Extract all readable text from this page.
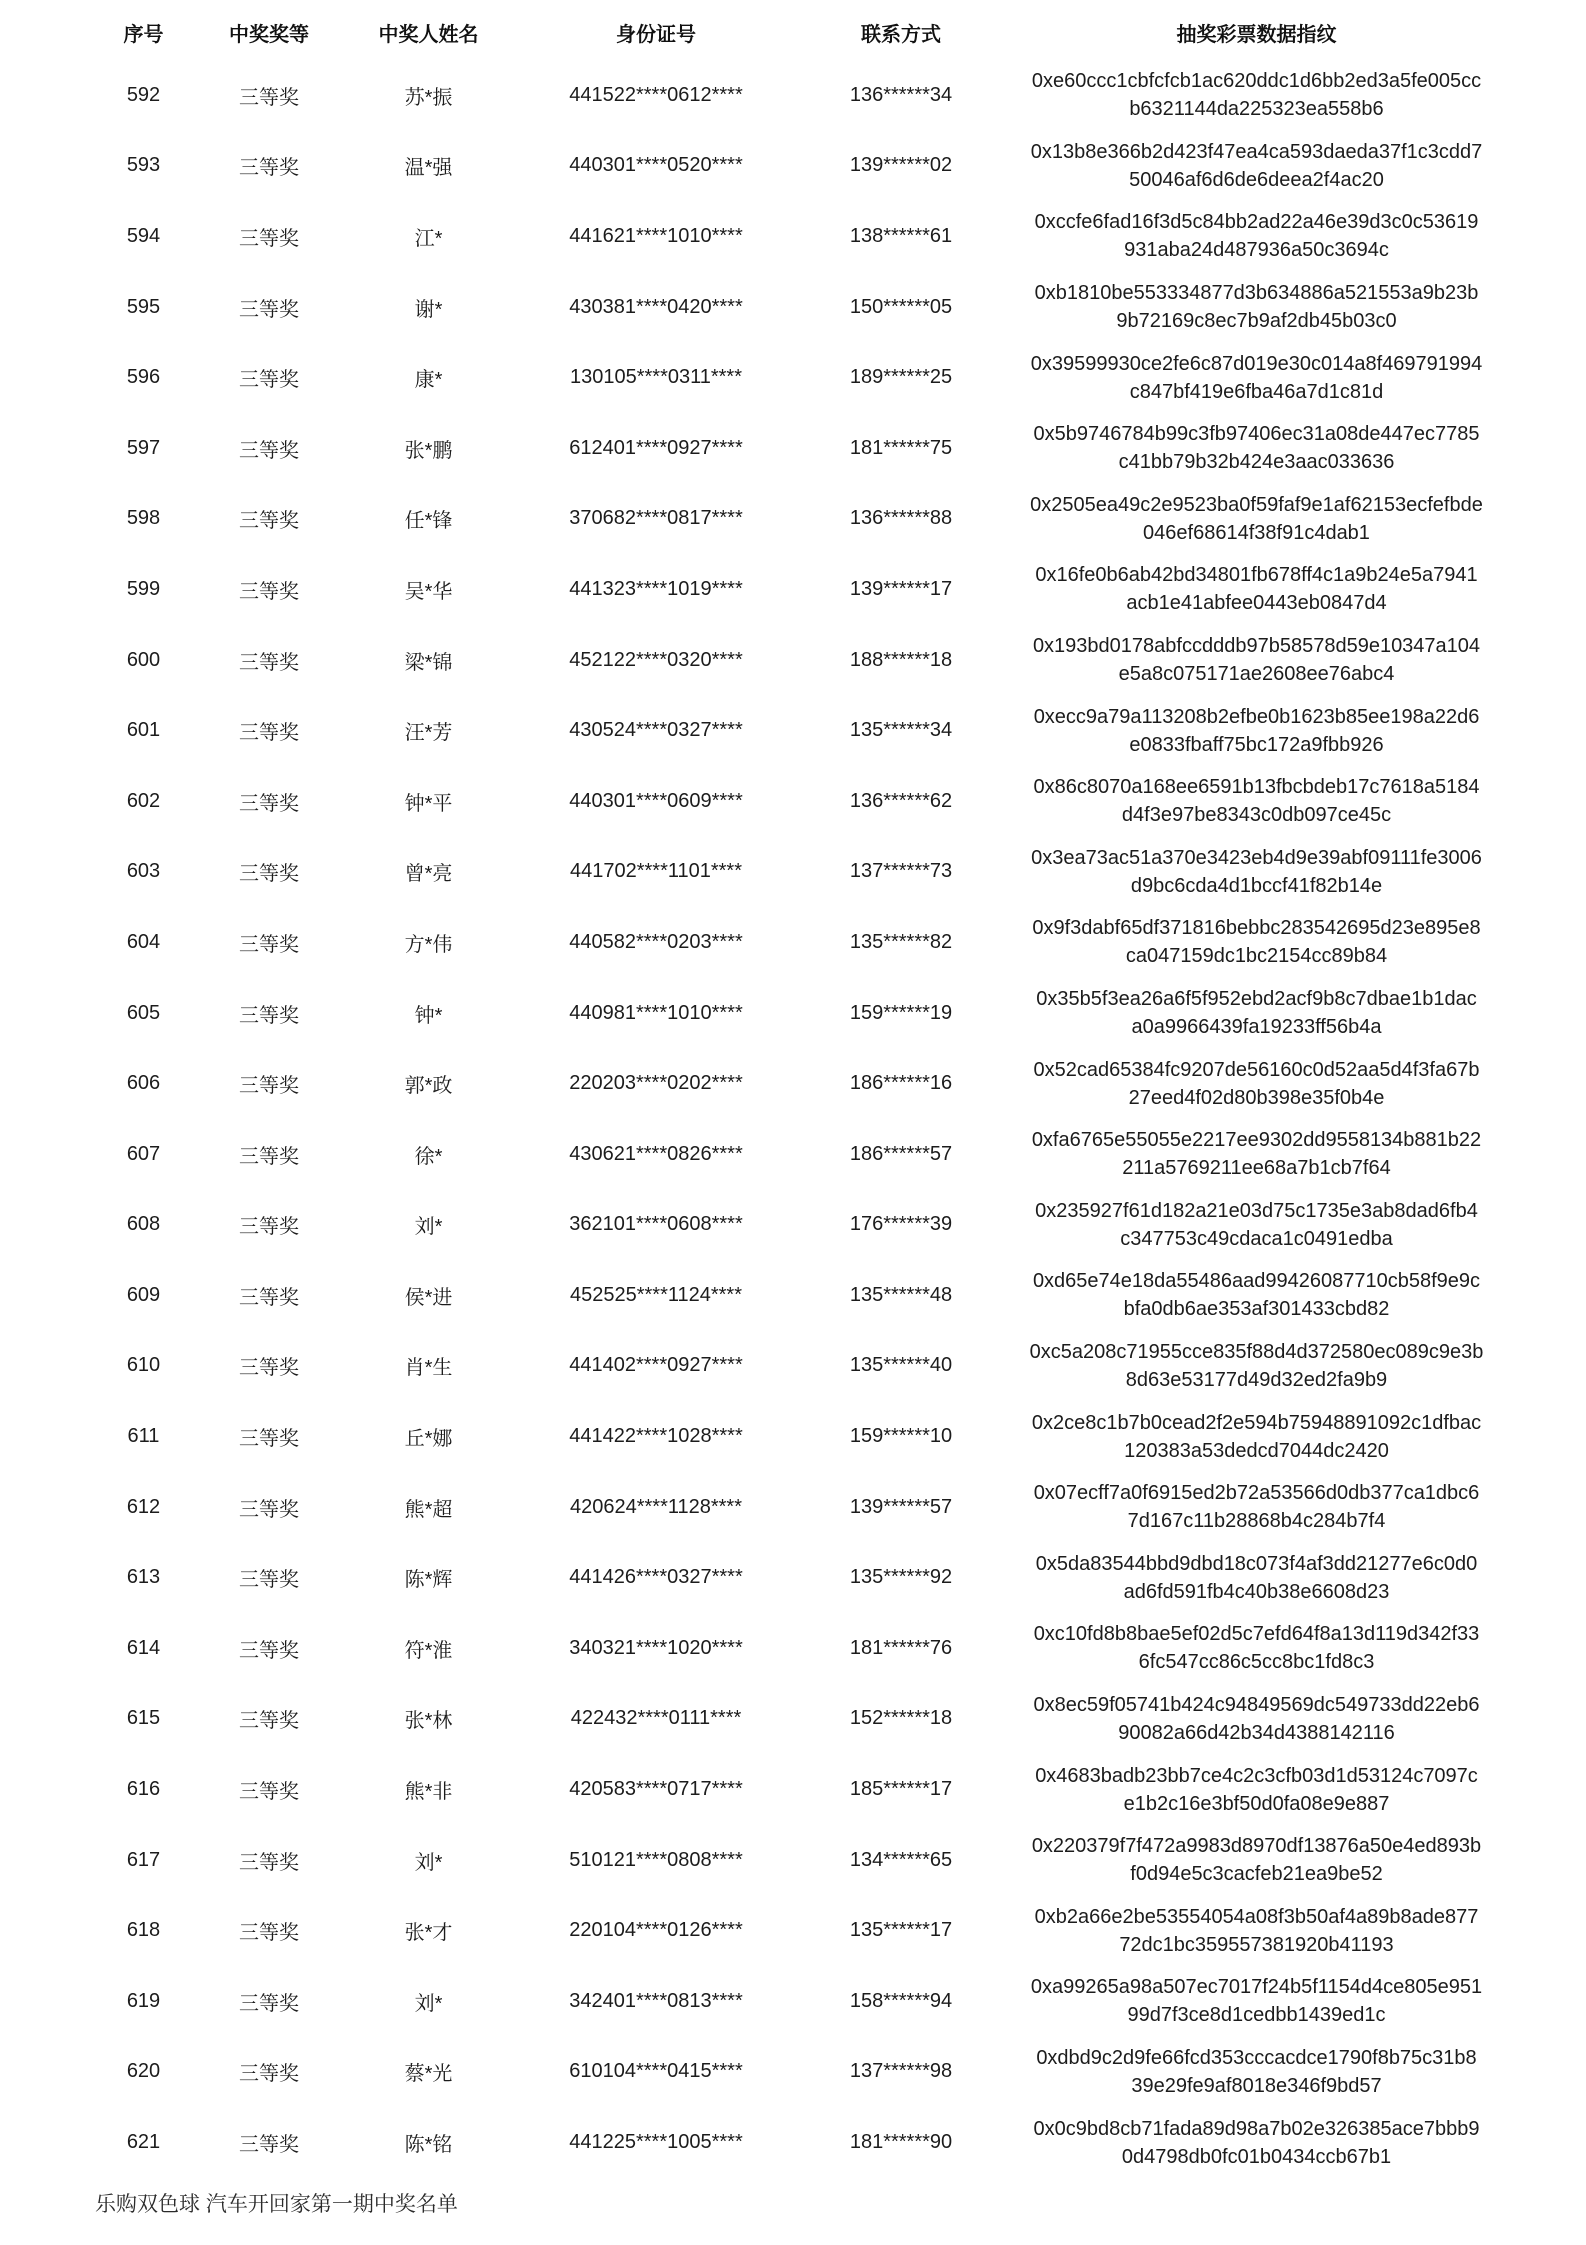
序号	中奖奖等	中奖人姓名	身份证号	联系方式	抽奖彩票数据指纹
592	三等奖	苏*振	441522****0612****	136******34	0xe60ccc1cbfcfcb1ac620ddc1d6bb2ed3a5fe005cc
b6321144da225323ea558b6

593	三等奖	温*强	440301****0520****	139******02	0x13b8e366b2d423f47ea4ca593daeda37f1c3cdd7
50046af6d6de6deea2f4ac20

594	三等奖	江*	441621****1010****	138******61	0xccfe6fad16f3d5c84bb2ad22a46e39d3c0c53619
931aba24d487936a50c3694c

595	三等奖	谢*	430381****0420****	150******05	0xb1810be553334877d3b634886a521553a9b23b
9b72169c8ec7b9af2db45b03c0

596	三等奖	康*	130105****0311****	189******25	0x39599930ce2fe6c87d019e30c014a8f469791994
c847bf419e6fba46a7d1c81d

597	三等奖	张*鹏	612401****0927****	181******75	0x5b9746784b99c3fb97406ec31a08de447ec7785
c41bb79b32b424e3aac033636

598	三等奖	任*锋	370682****0817****	136******88	0x2505ea49c2e9523ba0f59faf9e1af62153ecfefbde
046ef68614f38f91c4dab1

599	三等奖	吴*华	441323****1019****	139******17	0x16fe0b6ab42bd34801fb678ff4c1a9b24e5a7941
acb1e41abfee0443eb0847d4

600	三等奖	梁*锦	452122****0320****	188******18	0x193bd0178abfccdddb97b58578d59e10347a104
e5a8c075171ae2608ee76abc4

601	三等奖	汪*芳	430524****0327****	135******34	0xecc9a79a113208b2efbe0b1623b85ee198a22d6
e0833fbaff75bc172a9fbb926

602	三等奖	钟*平	440301****0609****	136******62	0x86c8070a168ee6591b13fbcbdeb17c7618a5184
d4f3e97be8343c0db097ce45c

603	三等奖	曾*亮	441702****1101****	137******73	0x3ea73ac51a370e3423eb4d9e39abf09111fe3006
d9bc6cda4d1bccf41f82b14e

604	三等奖	方*伟	440582****0203****	135******82	0x9f3dabf65df371816bebbc283542695d23e895e8
ca047159dc1bc2154cc89b84

605	三等奖	钟*	440981****1010****	159******19	0x35b5f3ea26a6f5f952ebd2acf9b8c7dbae1b1dac
a0a9966439fa19233ff56b4a

606	三等奖	郭*政	220203****0202****	186******16	0x52cad65384fc9207de56160c0d52aa5d4f3fa67b
27eed4f02d80b398e35f0b4e

607	三等奖	徐*	430621****0826****	186******57	0xfa6765e55055e2217ee9302dd9558134b881b22
211a5769211ee68a7b1cb7f64

608	三等奖	刘*	362101****0608****	176******39	0x235927f61d182a21e03d75c1735e3ab8dad6fb4
c347753c49cdaca1c0491edba

609	三等奖	侯*进	452525****1124****	135******48	0xd65e74e18da55486aad99426087710cb58f9e9c
bfa0db6ae353af301433cbd82

610	三等奖	肖*生	441402****0927****	135******40	0xc5a208c71955cce835f88d4d372580ec089c9e3b
8d63e53177d49d32ed2fa9b9

611	三等奖	丘*娜	441422****1028****	159******10	0x2ce8c1b7b0cead2f2e594b75948891092c1dfbac
120383a53dedcd7044dc2420

612	三等奖	熊*超	420624****1128****	139******57	0x07ecff7a0f6915ed2b72a53566d0db377ca1dbc6
7d167c11b28868b4c284b7f4

613	三等奖	陈*辉	441426****0327****	135******92	0x5da83544bbd9dbd18c073f4af3dd21277e6c0d0
ad6fd591fb4c40b38e6608d23

614	三等奖	符*淮	340321****1020****	181******76	0xc10fd8b8bae5ef02d5c7efd64f8a13d119d342f33
6fc547cc86c5cc8bc1fd8c3

615	三等奖	张*林	422432****0111****	152******18	0x8ec59f05741b424c94849569dc549733dd22eb6
90082a66d42b34d4388142116

616	三等奖	熊*非	420583****0717****	185******17	0x4683badb23bb7ce4c2c3cfb03d1d53124c7097c
e1b2c16e3bf50d0fa08e9e887

617	三等奖	刘*	510121****0808****	134******65	0x220379f7f472a9983d8970df13876a50e4ed893b
f0d94e5c3cacfeb21ea9be52

618	三等奖	张*才	220104****0126****	135******17	0xb2a66e2be53554054a08f3b50af4a89b8ade877
72dc1bc359557381920b41193

619	三等奖	刘*	342401****0813****	158******94	0xa99265a98a507ec7017f24b5f1154d4ce805e951
99d7f3ce8d1cedbb1439ed1c

620	三等奖	蔡*光	610104****0415****	137******98	0xdbd9c2d9fe66fcd353cccacdce1790f8b75c31b8
39e29fe9af8018e346f9bd57

621	三等奖	陈*铭	441225****1005****	181******90	0x0c9bd8cb71fada89d98a7b02e326385ace7bbb9
0d4798db0fc01b0434ccb67b1
乐购双色球 汽车开回家第一期中奖名单
